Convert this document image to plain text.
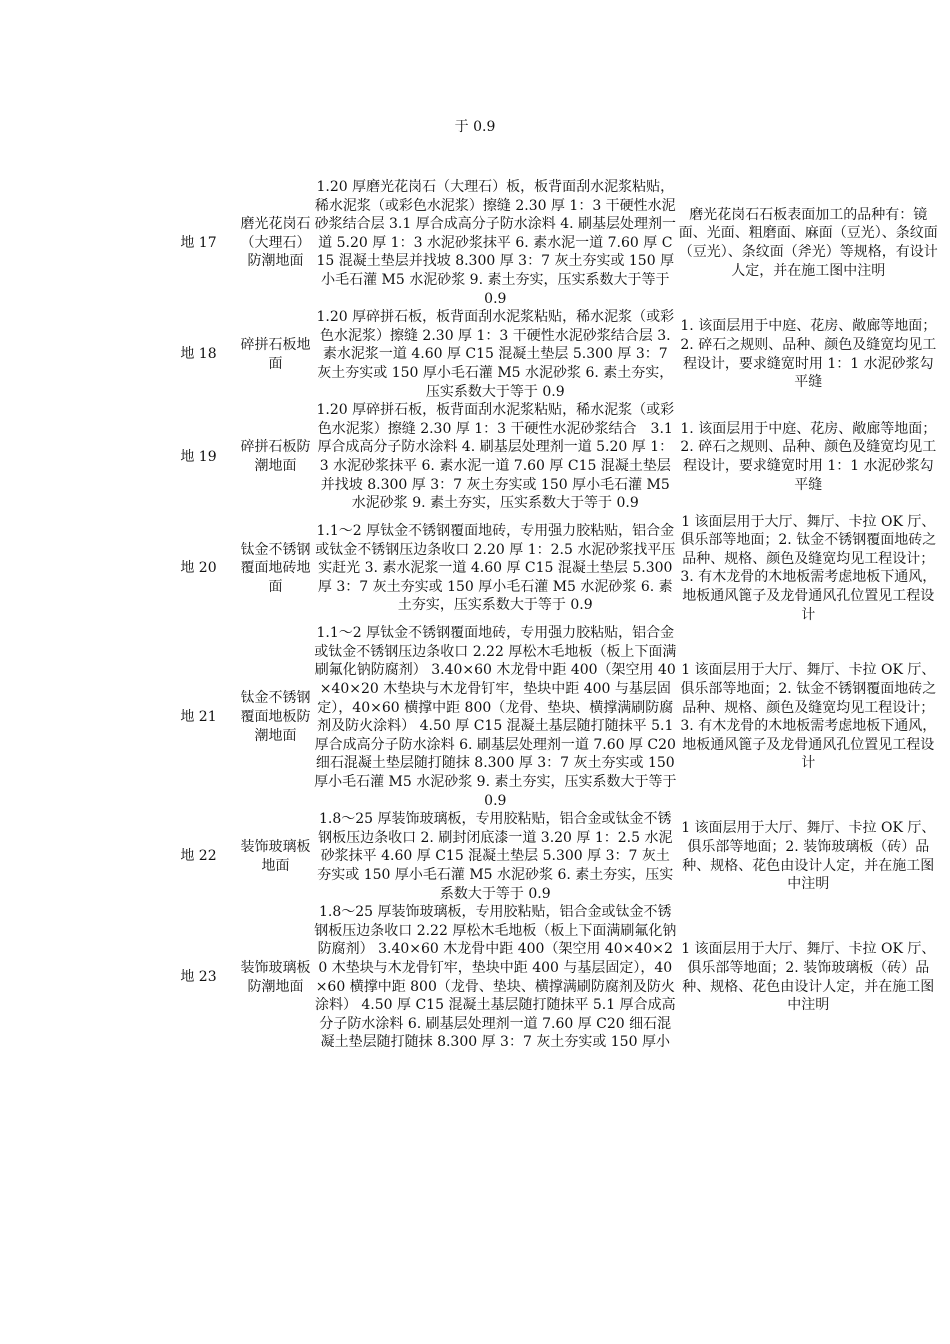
于 0.9
地 17	磨光花岗石（大理石）防潮地面	1.20 厚磨光花岗石（大理石）板，板背面刮水泥浆粘贴，稀水泥浆（或彩色水泥浆）擦缝 2.30 厚 1：3 干硬性水泥砂浆结合层 3.1 厚合成高分子防水涂料 4. 刷基层处理剂一道 5.20 厚 1：3 水泥砂浆抹平 6. 素水泥一道 7.60 厚 C15 混凝土垫层并找坡 8.300 厚 3：7 灰土夯实或 150 厚小毛石灌 M5 水泥砂浆 9. 素土夯实，压实系数大于等于 0.9	磨光花岗石石板表面加工的品种有：镜面、光面、粗磨面、麻面（豆光）、条纹面（豆光）、条纹面（斧光）等规格，有设计人定，并在施工图中注明
地 18	碎拼石板地面	1.20 厚碎拼石板，板背面刮水泥浆粘贴，稀水泥浆（或彩色水泥浆）擦缝 2.30 厚 1：3 干硬性水泥砂浆结合层 3. 素水泥浆一道 4.60 厚 C15 混凝土垫层 5.300 厚 3：7 灰土夯实或 150 厚小毛石灌 M5 水泥砂浆 6. 素土夯实，压实系数大于等于 0.9	1. 该面层用于中庭、花房、敞廊等地面；2. 碎石之规则、品种、颜色及缝宽均见工程设计，要求缝宽时用 1：1 水泥砂浆勾平缝
地 19	碎拼石板防潮地面	1.20 厚碎拼石板，板背面刮水泥浆粘贴，稀水泥浆（或彩色水泥浆）擦缝 2.30 厚 1：3 干硬性水泥砂浆结合　3.1 厚合成高分子防水涂料 4. 刷基层处理剂一道 5.20 厚 1：3 水泥砂浆抹平 6. 素水泥一道 7.60 厚 C15 混凝土垫层并找坡 8.300 厚 3：7 灰土夯实或 150 厚小毛石灌 M5 水泥砂浆 9. 素土夯实，压实系数大于等于 0.9	1. 该面层用于中庭、花房、敞廊等地面；2. 碎石之规则、品种、颜色及缝宽均见工程设计，要求缝宽时用 1：1 水泥砂浆勾平缝
地 20	钛金不锈钢覆面地砖地面	1.1～2 厚钛金不锈钢覆面地砖，专用强力胶粘贴，铝合金或钛金不锈钢压边条收口 2.20 厚 1：2.5 水泥砂浆找平压实赶光 3. 素水泥浆一道 4.60 厚 C15 混凝土垫层 5.300 厚 3：7 灰土夯实或 150 厚小毛石灌 M5 水泥砂浆 6. 素土夯实，压实系数大于等于 0.9	1 该面层用于大厅、舞厅、卡拉 OK 厅、俱乐部等地面；2. 钛金不锈钢覆面地砖之品种、规格、颜色及缝宽均见工程设计；3. 有木龙骨的木地板需考虑地板下通风，地板通风篦子及龙骨通风孔位置见工程设计
地 21	钛金不锈钢覆面地板防潮地面	1.1～2 厚钛金不锈钢覆面地砖，专用强力胶粘贴，铝合金或钛金不锈钢压边条收口 2.22 厚松木毛地板（板上下面满刷氟化钠防腐剂） 3.40×60 木龙骨中距 400（架空用 40×40×20 木垫块与木龙骨钉牢，垫块中距 400 与基层固定），40×60 横撑中距 800（龙骨、垫块、横撑满刷防腐剂及防火涂料） 4.50 厚 C15 混凝土基层随打随抹平 5.1 厚合成高分子防水涂料 6. 刷基层处理剂一道 7.60 厚 C20 细石混凝土垫层随打随抹 8.300 厚 3：7 灰土夯实或 150 厚小毛石灌 M5 水泥砂浆 9. 素土夯实，压实系数大于等于 0.9	1 该面层用于大厅、舞厅、卡拉 OK 厅、俱乐部等地面；2. 钛金不锈钢覆面地砖之品种、规格、颜色及缝宽均见工程设计；3. 有木龙骨的木地板需考虑地板下通风，地板通风篦子及龙骨通风孔位置见工程设计
地 22	装饰玻璃板地面	1.8～25 厚装饰玻璃板，专用胶粘贴，铝合金或钛金不锈钢板压边条收口 2. 刷封闭底漆一道 3.20 厚 1：2.5 水泥砂浆抹平 4.60 厚 C15 混凝土垫层 5.300 厚 3：7 灰土夯实或 150 厚小毛石灌 M5 水泥砂浆 6. 素土夯实，压实系数大于等于 0.9	1 该面层用于大厅、舞厅、卡拉 OK 厅、俱乐部等地面；2. 装饰玻璃板（砖）品种、规格、花色由设计人定，并在施工图中注明
地 23	装饰玻璃板防潮地面	1.8～25 厚装饰玻璃板，专用胶粘贴，铝合金或钛金不锈钢板压边条收口 2.22 厚松木毛地板（板上下面满刷氟化钠防腐剂） 3.40×60 木龙骨中距 400（架空用 40×40×20 木垫块与木龙骨钉牢，垫块中距 400 与基层固定），40×60 横撑中距 800（龙骨、垫块、横撑满刷防腐剂及防火涂料） 4.50 厚 C15 混凝土基层随打随抹平 5.1 厚合成高分子防水涂料 6. 刷基层处理剂一道 7.60 厚 C20 细石混凝土垫层随打随抹 8.300 厚 3：7 灰土夯实或 150 厚小	1 该面层用于大厅、舞厅、卡拉 OK 厅、俱乐部等地面；2. 装饰玻璃板（砖）品种、规格、花色由设计人定，并在施工图中注明
